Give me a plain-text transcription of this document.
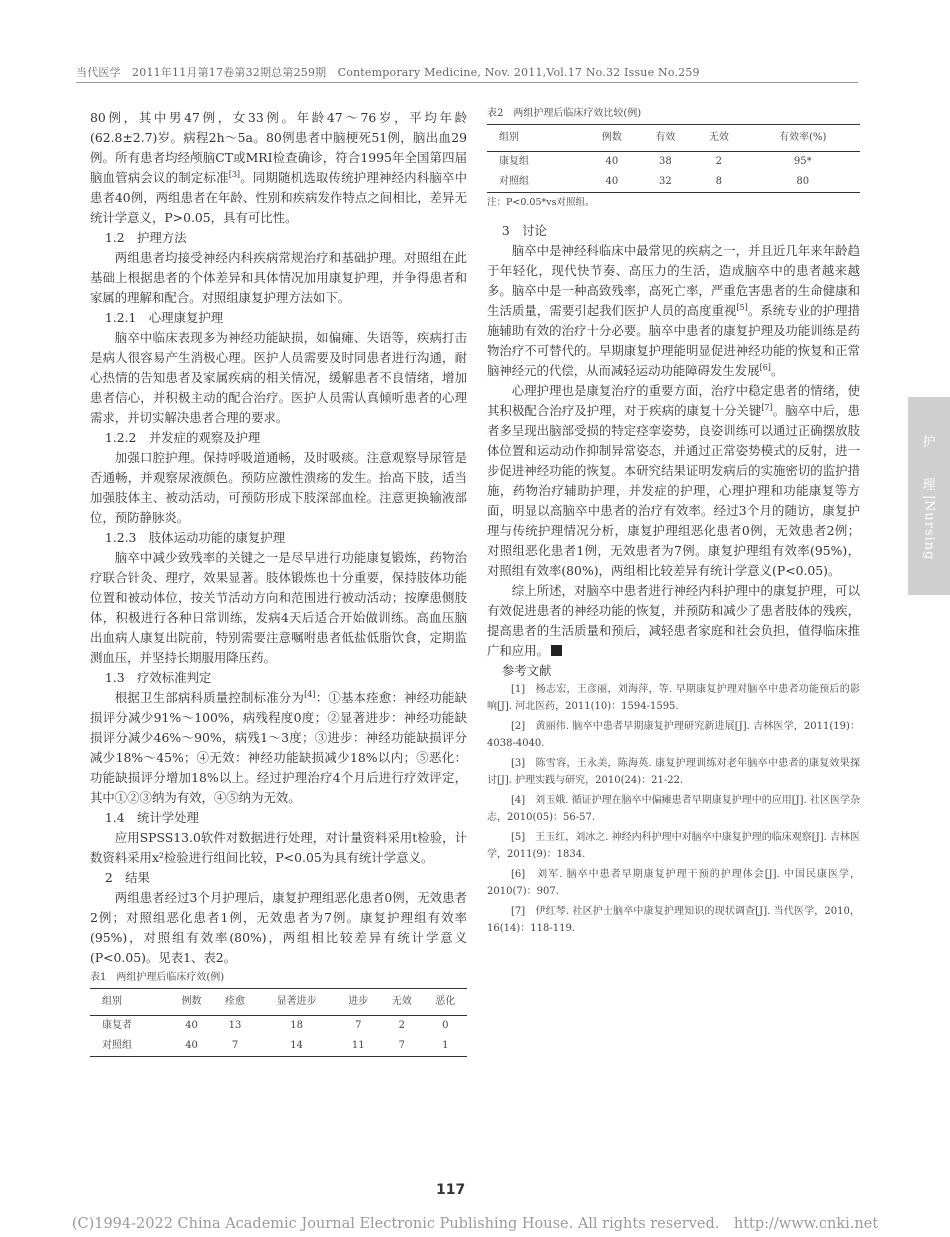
当代医学　2011年11月第17卷第32期总第259期　Contemporary Medicine, Nov. 2011,Vol.17 No.32 Issue No.259

80例，其中男47例，女33例。年龄47～76岁，平均年龄(62.8±2.7)岁。病程2h～5a。80例患者中脑梗死51例，脑出血29例。所有患者均经颅脑CT或MRI检查确诊，符合1995年全国第四届脑血管病会议的制定标准[3]。同期随机选取传统护理神经内科脑卒中患者40例，两组患者在年龄、性别和疾病发作特点之间相比，差异无统计学意义，P>0.05，具有可比性。

1.2　护理方法

两组患者均接受神经内科疾病常规治疗和基础护理。对照组在此基础上根据患者的个体差异和具体情况加用康复护理，并争得患者和家属的理解和配合。对照组康复护理方法如下。

1.2.1　心理康复护理

脑卒中临床表现多为神经功能缺损，如偏瘫、失语等，疾病打击是病人很容易产生消极心理。医护人员需要及时同患者进行沟通，耐心热情的告知患者及家属疾病的相关情况，缓解患者不良情绪，增加患者信心，并积极主动的配合治疗。医护人员需认真倾听患者的心理需求，并切实解决患者合理的要求。

1.2.2　并发症的观察及护理

加强口腔护理。保持呼吸道通畅，及时吸痰。注意观察导尿管是否通畅，并观察尿液颜色。预防应激性溃疡的发生。抬高下肢，适当加强肢体主、被动活动，可预防形成下肢深部血栓。注意更换输液部位，预防静脉炎。

1.2.3　肢体运动功能的康复护理

脑卒中减少致残率的关键之一是尽早进行功能康复锻炼，药物治疗联合针灸、理疗，效果显著。肢体锻炼也十分重要，保持肢体功能位置和被动体位，按关节活动方向和范围进行被动活动；按摩患侧肢体，积极进行各种日常训练，发病4天后适合开始做训练。高血压脑出血病人康复出院前，特别需要注意嘱咐患者低盐低脂饮食，定期监测血压，并坚持长期服用降压药。

1.3　疗效标准判定

根据卫生部病科质量控制标准分为[4]：①基本痊愈：神经功能缺损评分减少91%～100%，病残程度0度；②显著进步：神经功能缺损评分减少46%～90%，病残1～3度；③进步：神经功能缺损评分减少18%～45%；④无效：神经功能缺损减少18%以内；⑤恶化：功能缺损评分增加18%以上。经过护理治疗4个月后进行疗效评定，其中①②③纳为有效，④⑤纳为无效。

1.4　统计学处理

应用SPSS13.0软件对数据进行处理，对计量资料采用t检验，计数资料采用x²检验进行组间比较，P<0.05为具有统计学意义。

2　结果

两组患者经过3个月护理后，康复护理组恶化患者0例，无效患者2例；对照组恶化患者1例，无效患者为7例。康复护理组有效率(95%)，对照组有效率(80%)，两组相比较差异有统计学意义(P<0.05)。见表1、表2。

表1　两组护理后临床疗效(例)

组别	例数	痊愈	显著进步	进步	无效	恶化
康复者	40	13	18	7	2	0
对照组	40	7	14	11	7	1

表2　两组护理后临床疗效比较(例)

组别	例数	有效	无效	有效率(%)
康复组	40	38	2	95*
对照组	40	32	8	80

注：P<0.05*vs对照组。

3　讨论

脑卒中是神经科临床中最常见的疾病之一，并且近几年来年龄趋于年轻化，现代快节奏、高压力的生活，造成脑卒中的患者越来越多。脑卒中是一种高致残率，高死亡率，严重危害患者的生命健康和生活质量，需要引起我们医护人员的高度重视[5]。系统专业的护理措施辅助有效的治疗十分必要。脑卒中患者的康复护理及功能训练是药物治疗不可替代的。早期康复护理能明显促进神经功能的恢复和正常脑神经元的代偿，从而减轻运动功能障碍发生发展[6]。

心理护理也是康复治疗的重要方面，治疗中稳定患者的情绪，使其积极配合治疗及护理，对于疾病的康复十分关键[7]。脑卒中后，患者多呈现出脑部受损的特定痉挛姿势，良姿训练可以通过正确摆放肢体位置和运动动作抑制异常姿态，并通过正常姿势模式的反射，进一步促进神经功能的恢复。本研究结果证明发病后的实施密切的监护措施，药物治疗辅助护理，并发症的护理，心理护理和功能康复等方面，明显以高脑卒中患者的治疗有效率。经过3个月的随访，康复护理与传统护理情况分析，康复护理组恶化患者0例，无效患者2例；对照组恶化患者1例，无效患者为7例。康复护理组有效率(95%)，对照组有效率(80%)，两组相比较差异有统计学意义(P<0.05)。

综上所述，对脑卒中患者进行神经内科护理中的康复护理，可以有效促进患者的神经功能的恢复，并预防和减少了患者肢体的残疾，提高患者的生活质量和预后，减轻患者家庭和社会负担，值得临床推广和应用。

参考文献

[1]　杨志宏，王彦丽，刘海萍，等. 早期康复护理对脑卒中患者功能预后的影响[J]. 河北医药，2011(10)：1594-1595.

[2]　黄丽伟. 脑卒中患者早期康复护理研究新进展[J]. 吉林医学，2011(19)：4038-4040.

[3]　陈雪容，王永美，陈海英. 康复护理训练对老年脑卒中患者的康复效果探讨[J]. 护理实践与研究，2010(24)：21-22.

[4]　刘玉娥. 循证护理在脑卒中偏瘫患者早期康复护理中的应用[J]. 社区医学杂志，2010(05)：56-57.

[5]　王玉红，刘冰之. 神经内科护理中对脑卒中康复护理的临床观察[J]. 吉林医学，2011(9)：1834.

[6]　刘军. 脑卒中患者早期康复护理干预的护理体会[J]. 中国民康医学，2010(7)：907.

[7]　伊红琴. 社区护士脑卒中康复护理知识的现状调查[J]. 当代医学，2010，16(14)：118-119.

护
理
|
Nursing
117
(C)1994-2022 China Academic Journal Electronic Publishing House. All rights reserved.　http://www.cnki.net
